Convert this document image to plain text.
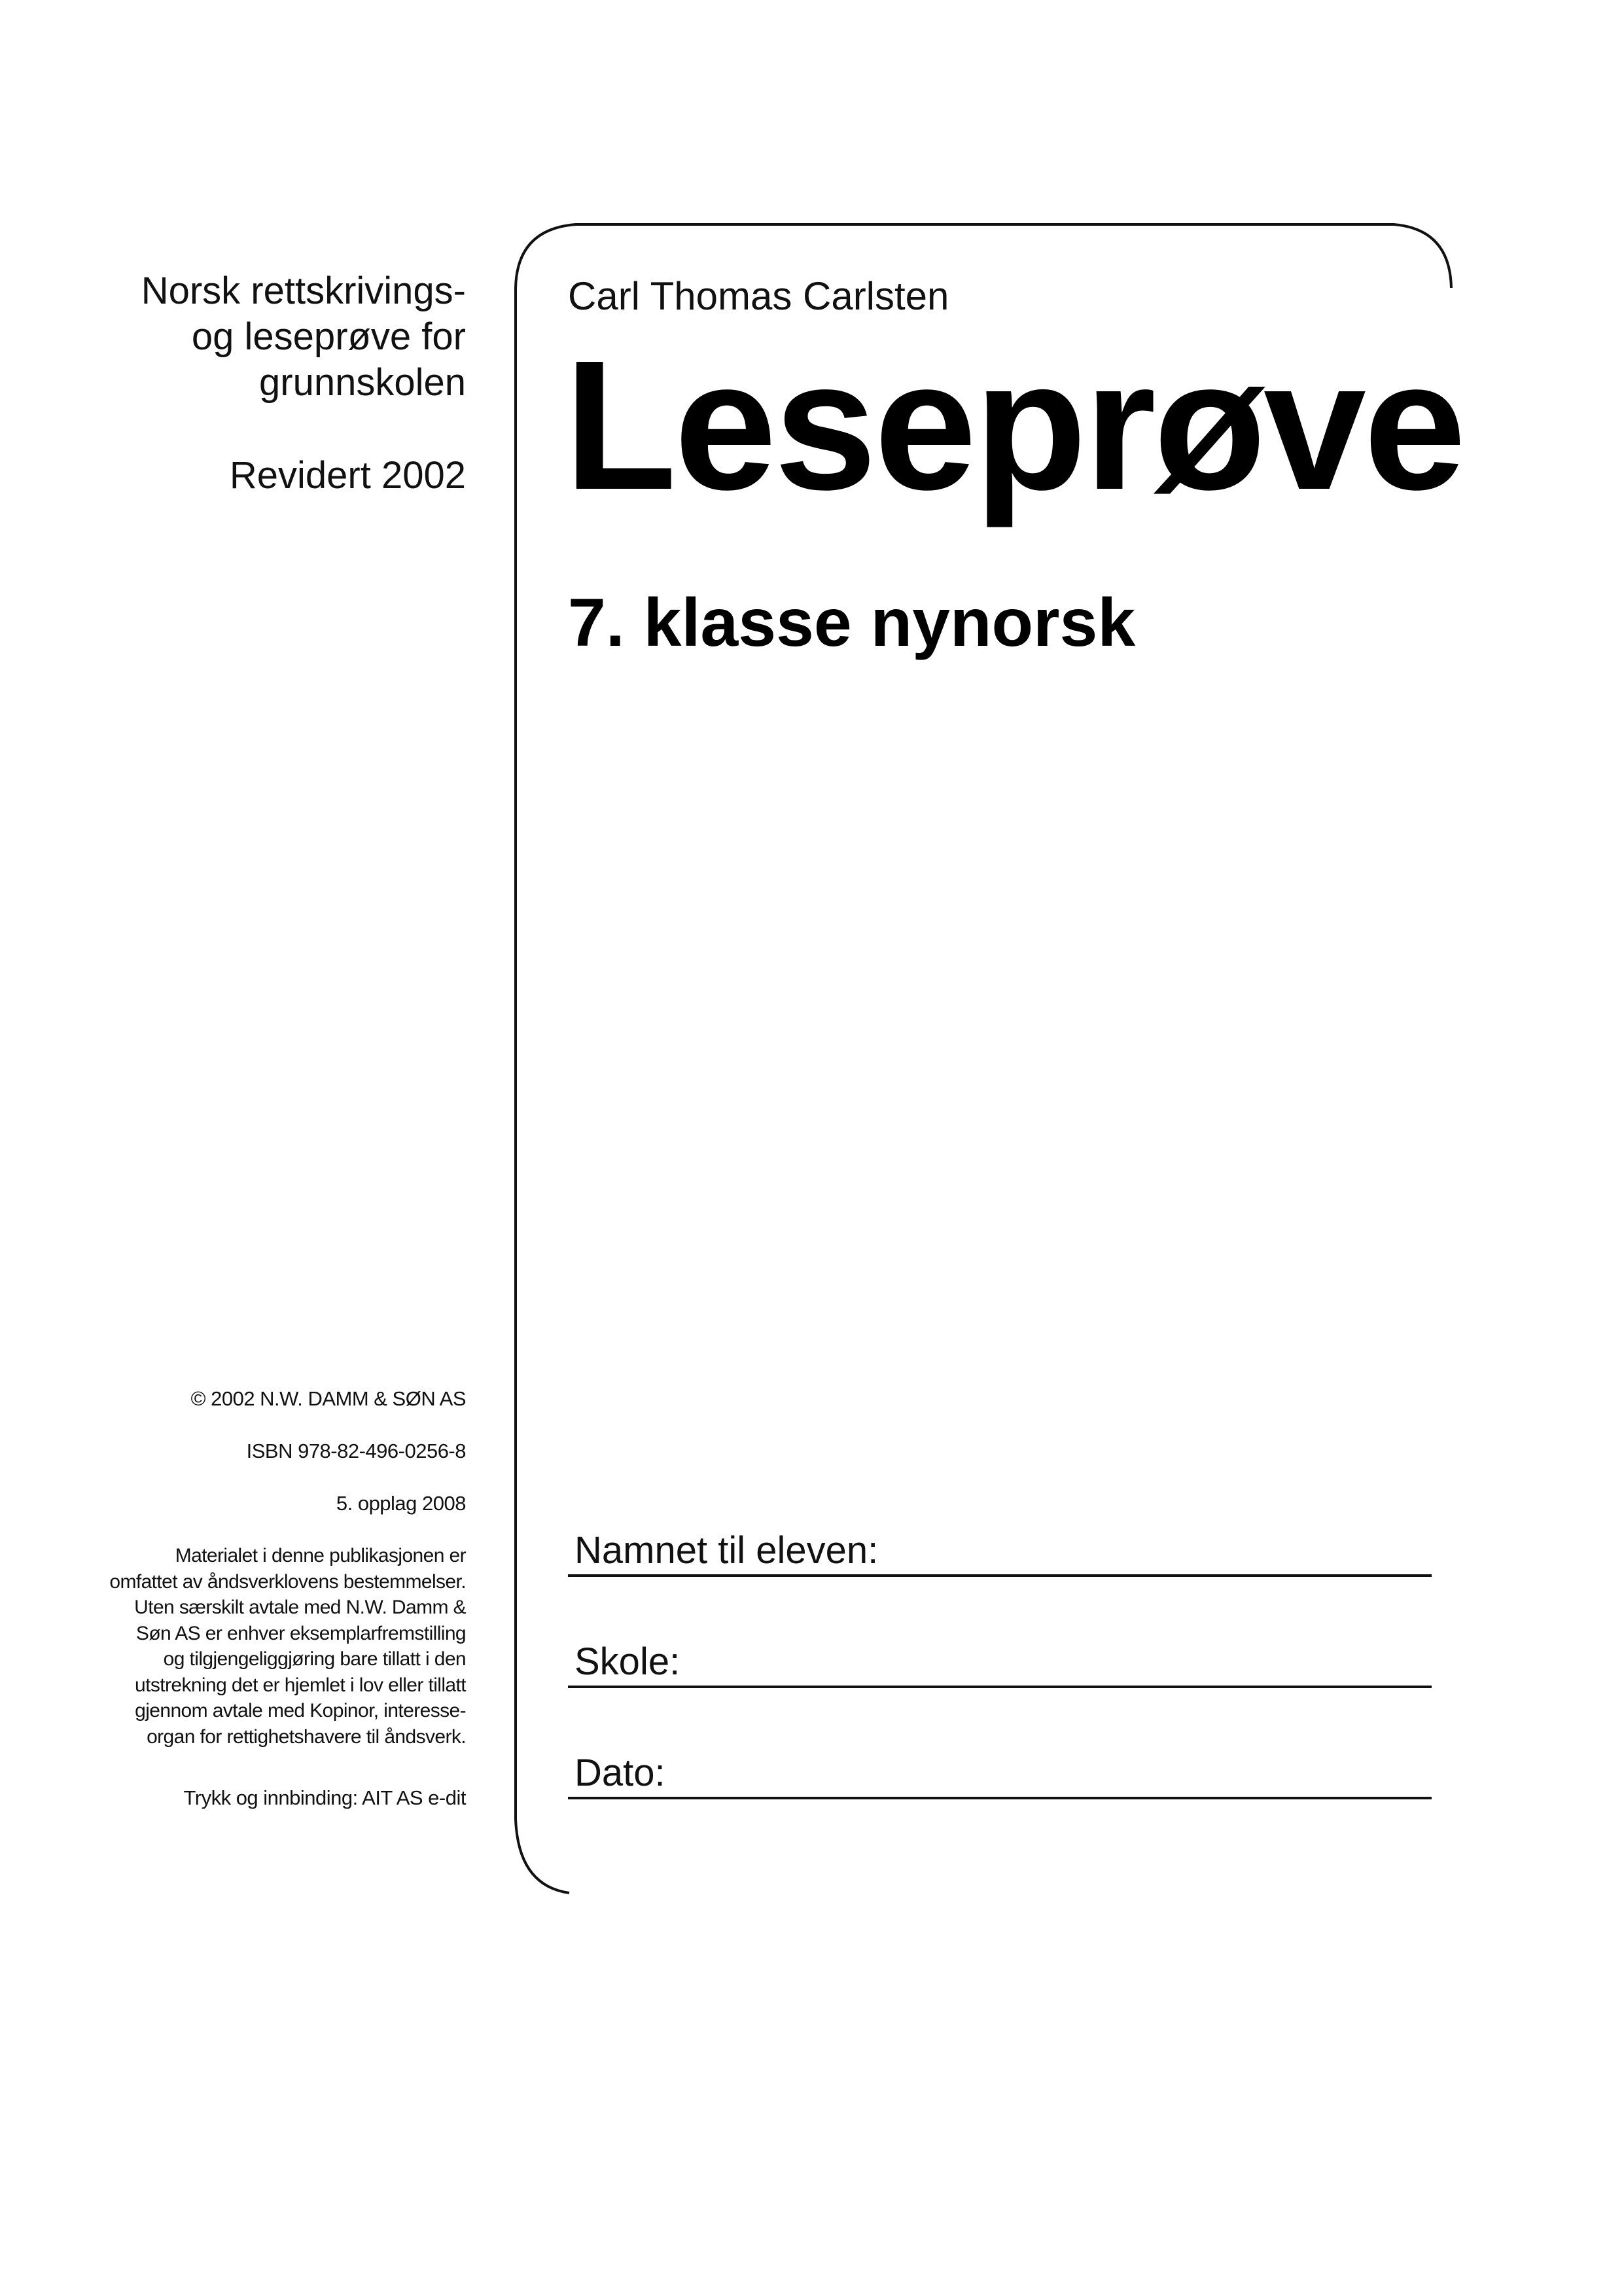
Norsk rettskrivings-
og leseprøve for
grunnskolen
Revidert 2002
© 2002 N.W. DAMM & SØN AS
ISBN 978-82-496-0256-8
5. opplag 2008
Materialet i denne publikasjonen er
omfattet av åndsverklovens bestemmelser.
Uten særskilt avtale med N.W. Damm &
Søn AS er enhver eksemplarfremstilling
og tilgjengeliggjøring bare tillatt i den
utstrekning det er hjemlet i lov eller tillatt
gjennom avtale med Kopinor, interesse-
organ for rettighetshavere til åndsverk.
Trykk og innbinding: AIT AS e-dit
Carl Thomas Carlsten
Leseprøve
7. klasse nynorsk
Namnet til eleven:
Skole:
Dato:
